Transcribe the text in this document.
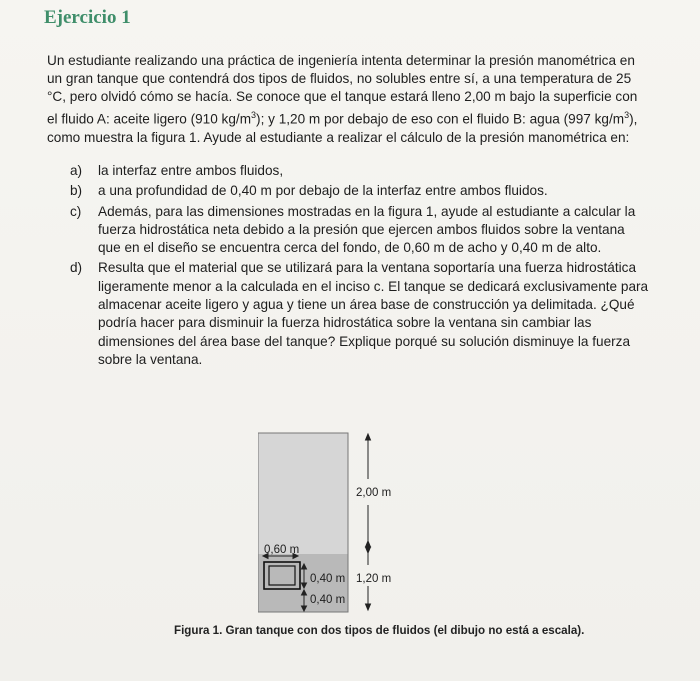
Ejercicio 1
Un estudiante realizando una práctica de ingeniería intenta determinar la presión manométrica en un gran tanque que contendrá dos tipos de fluidos, no solubles entre sí, a una temperatura de 25 °C, pero olvidó cómo se hacía. Se conoce que el tanque estará lleno 2,00 m bajo la superficie con el fluido A: aceite ligero (910 $kg/m^3$); y 1,20 m por debajo de eso con el fluido B: agua (997 $kg/m^3$), como muestra la figura 1. Ayude al estudiante a realizar el cálculo de la presión manométrica en:
a) la interfaz entre ambos fluidos,
b) a una profundidad de 0,40 m por debajo de la interfaz entre ambos fluidos.
c) Además, para las dimensiones mostradas en la figura 1, ayude al estudiante a calcular la fuerza hidrostática neta debido a la presión que ejercen ambos fluidos sobre la ventana que en el diseño se encuentra cerca del fondo, de 0,60 m de acho y 0,40 m de alto.
d) Resulta que el material que se utilizará para la ventana soportaría una fuerza hidrostática ligeramente menor a la calculada en el inciso c. El tanque se dedicará exclusivamente para almacenar aceite ligero y agua y tiene un área base de construcción ya delimitada. ¿Qué podría hacer para disminuir la fuerza hidrostática sobre la ventana sin cambiar las dimensiones del área base del tanque? Explique porqué su solución disminuye la fuerza sobre la ventana.
0,60 m
0,40 m
0,40 m
2,00 m
1,20 m
Figura 1. Gran tanque con dos tipos de fluidos (el dibujo no está a escala).
